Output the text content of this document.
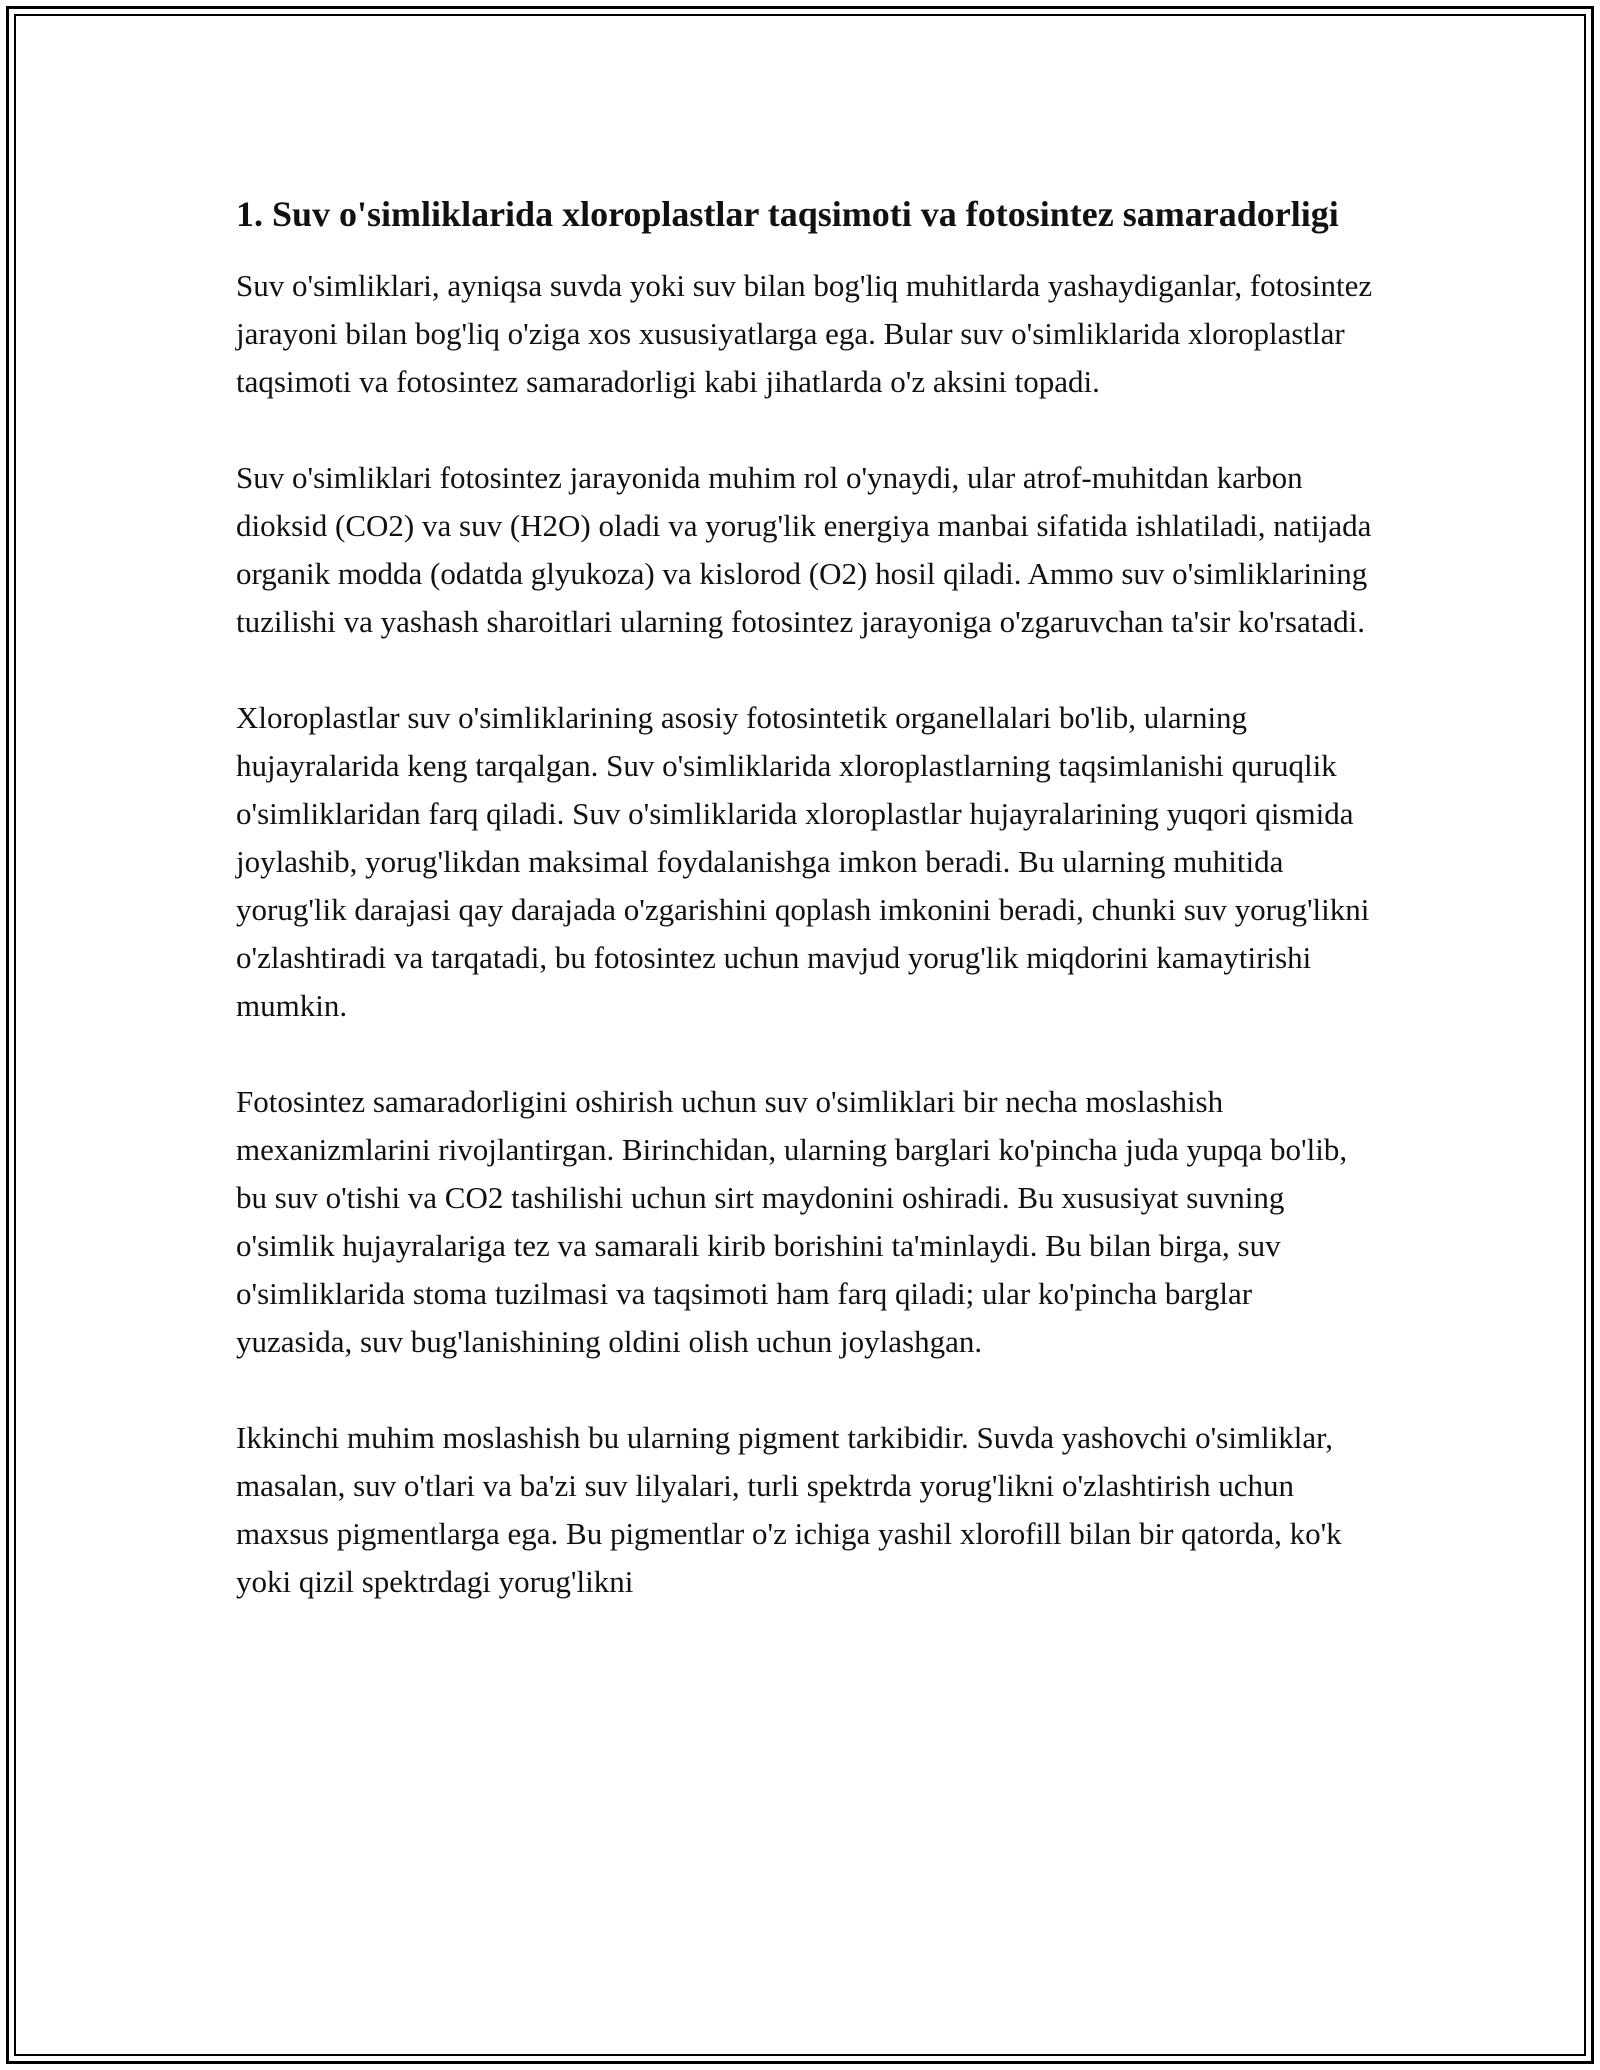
1. Suv o'simliklarida xloroplastlar taqsimoti va fotosintez samaradorligi

Suv o'simliklari, ayniqsa suvda yoki suv bilan bog'liq muhitlarda yashaydiganlar, fotosintez jarayoni bilan bog'liq o'ziga xos xususiyatlarga ega. Bular suv o'simliklarida xloroplastlar taqsimoti va fotosintez samaradorligi kabi jihatlarda o'z aksini topadi.

Suv o'simliklari fotosintez jarayonida muhim rol o'ynaydi, ular atrof-muhitdan karbon dioksid (CO2) va suv (H2O) oladi va yorug'lik energiya manbai sifatida ishlatiladi, natijada organik modda (odatda glyukoza) va kislorod (O2) hosil qiladi. Ammo suv o'simliklarining tuzilishi va yashash sharoitlari ularning fotosintez jarayoniga o'zgaruvchan ta'sir ko'rsatadi.

Xloroplastlar suv o'simliklarining asosiy fotosintetik organellalari bo'lib, ularning hujayralarida keng tarqalgan. Suv o'simliklarida xloroplastlarning taqsimlanishi quruqlik o'simliklaridan farq qiladi. Suv o'simliklarida xloroplastlar hujayralarining yuqori qismida joylashib, yorug'likdan maksimal foydalanishga imkon beradi. Bu ularning muhitida yorug'lik darajasi qay darajada o'zgarishini qoplash imkonini beradi, chunki suv yorug'likni o'zlashtiradi va tarqatadi, bu fotosintez uchun mavjud yorug'lik miqdorini kamaytirishi mumkin.

Fotosintez samaradorligini oshirish uchun suv o'simliklari bir necha moslashish mexanizmlarini rivojlantirgan. Birinchidan, ularning barglari ko'pincha juda yupqa bo'lib, bu suv o'tishi va CO2 tashilishi uchun sirt maydonini oshiradi. Bu xususiyat suvning o'simlik hujayralariga tez va samarali kirib borishini ta'minlaydi. Bu bilan birga, suv o'simliklarida stoma tuzilmasi va taqsimoti ham farq qiladi; ular ko'pincha barglar yuzasida, suv bug'lanishining oldini olish uchun joylashgan.

Ikkinchi muhim moslashish bu ularning pigment tarkibidir. Suvda yashovchi o'simliklar, masalan, suv o'tlari va ba'zi suv lilyalari, turli spektrda yorug'likni o'zlashtirish uchun maxsus pigmentlarga ega. Bu pigmentlar o'z ichiga yashil xlorofill bilan bir qatorda, ko'k yoki qizil spektrdagi yorug'likni
